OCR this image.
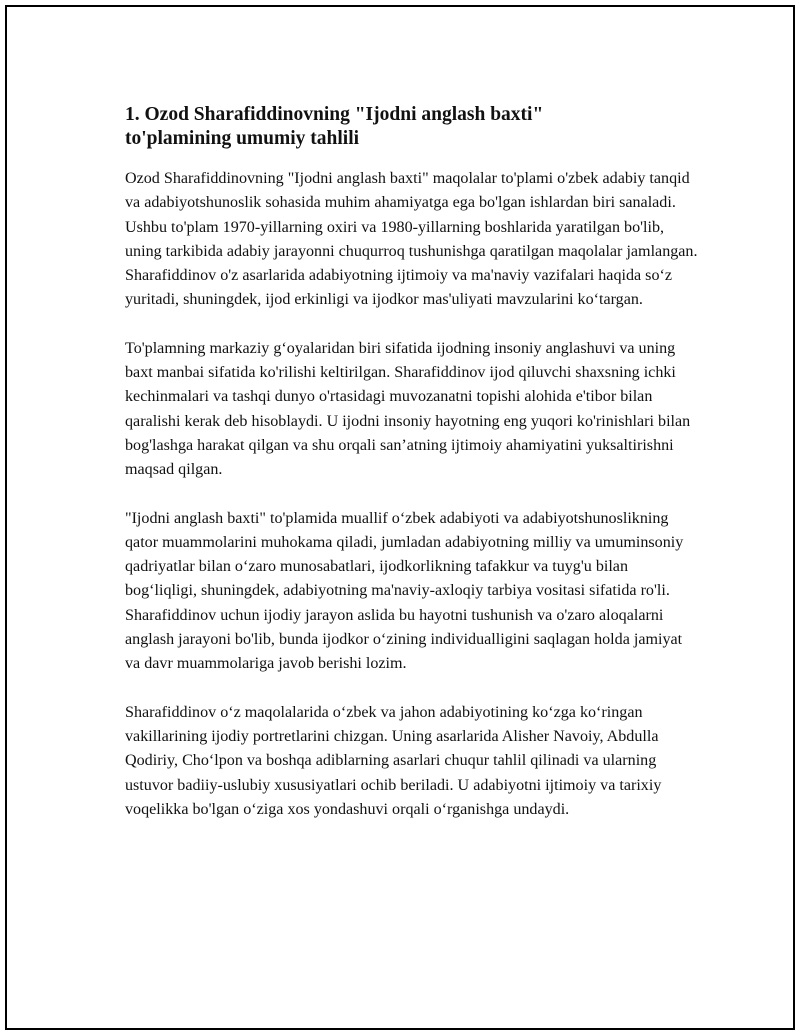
1. Ozod Sharafiddinovning "Ijodni anglash baxti"
to'plamining umumiy tahlili

Ozod Sharafiddinovning "Ijodni anglash baxti" maqolalar to'plami o'zbek adabiy tanqid va adabiyotshunoslik sohasida muhim ahamiyatga ega bo'lgan ishlardan biri sanaladi. Ushbu to'plam 1970-yillarning oxiri va 1980-yillarning boshlarida yaratilgan bo'lib, uning tarkibida adabiy jarayonni chuqurroq tushunishga qaratilgan maqolalar jamlangan. Sharafiddinov o'z asarlarida adabiyotning ijtimoiy va ma'naviy vazifalari haqida so‘z yuritadi, shuningdek, ijod erkinligi va ijodkor mas'uliyati mavzularini ko‘targan.

To'plamning markaziy g‘oyalaridan biri sifatida ijodning insoniy anglashuvi va uning baxt manbai sifatida ko'rilishi keltirilgan. Sharafiddinov ijod qiluvchi shaxsning ichki kechinmalari va tashqi dunyo o'rtasidagi muvozanatni topishi alohida e'tibor bilan qaralishi kerak deb hisoblaydi. U ijodni insoniy hayotning eng yuqori ko'rinishlari bilan bog'lashga harakat qilgan va shu orqali san’atning ijtimoiy ahamiyatini yuksaltirishni maqsad qilgan.

"Ijodni anglash baxti" to'plamida muallif o‘zbek adabiyoti va adabiyotshunoslikning qator muammolarini muhokama qiladi, jumladan adabiyotning milliy va umuminsoniy qadriyatlar bilan o‘zaro munosabatlari, ijodkorlikning tafakkur va tuyg'u bilan bog‘liqligi, shuningdek, adabiyotning ma'naviy-axloqiy tarbiya vositasi sifatida ro'li. Sharafiddinov uchun ijodiy jarayon aslida bu hayotni tushunish va o'zaro aloqalarni anglash jarayoni bo'lib, bunda ijodkor o‘zining individualligini saqlagan holda jamiyat va davr muammolariga javob berishi lozim.

Sharafiddinov o‘z maqolalarida o‘zbek va jahon adabiyotining ko‘zga ko‘ringan vakillarining ijodiy portretlarini chizgan. Uning asarlarida Alisher Navoiy, Abdulla Qodiriy, Cho‘lpon va boshqa adiblarning asarlari chuqur tahlil qilinadi va ularning ustuvor badiiy-uslubiy xususiyatlari ochib beriladi. U adabiyotni ijtimoiy va tarixiy voqelikka bo'lgan o‘ziga xos yondashuvi orqali o‘rganishga undaydi.
